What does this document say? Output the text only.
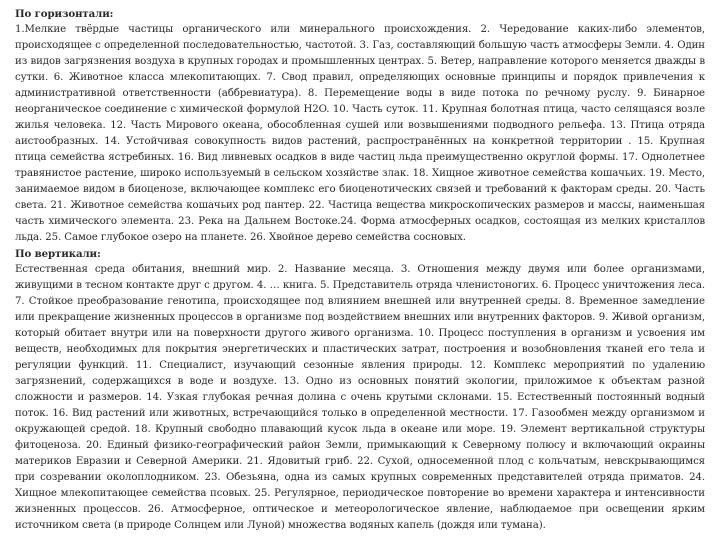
По горизонтали:

1.Мелкие твёрдые частицы органического или минерального происхождения. 2. Чередование каких-либо элементов, происходящее с определенной последовательностью, частотой. 3. Газ, составляющий большую часть атмосферы Земли. 4. Один из видов загрязнения воздуха в крупных городах и промышленных центрах. 5. Ветер, направление которого меняется дважды в сутки. 6. Животное класса млекопитающих. 7. Свод правил, определяющих основные принципы и порядок привлечения к административной ответственности (аббревиатура). 8. Перемещение воды в виде потока по речному руслу. 9. Бинарное неорганическое соединение с химической формулой H2O. 10. Часть суток. 11. Крупная болотная птица, часто селящаяся возле жилья человека. 12. Часть Мирового океана, обособленная сушей или возвышениями подводного рельефа. 13. Птица отряда аистообразных. 14. Устойчивая совокупность видов растений, распространённых на конкретной территории . 15. Крупная птица семейства ястребиных. 16. Вид ливневых осадков в виде частиц льда преимущественно округлой формы. 17. Однолетнее травянистое растение, широко используемый в сельском хозяйстве злак. 18. Хищное животное семейства кошачьих. 19. Место, занимаемое видом в биоценозе, включающее комплекс его биоценотических связей и требований к факторам среды. 20. Часть света. 21. Животное семейства кошачьих род пантер. 22. Частица вещества микроскопических размеров и массы, наименьшая часть химического элемента. 23. Река на Дальнем Востоке.24. Форма атмосферных осадков, состоящая из мелких кристаллов льда. 25. Самое глубокое озеро на планете. 26. Хвойное дерево семейства сосновых.

По вертикали:

Естественная среда обитания, внешний мир. 2. Название месяца. 3. Отношения между двумя или более организмами, живущими в тесном контакте друг с другом. 4. … книга. 5. Представитель отряда членистоногих. 6. Процесс уничтожения леса. 7. Стойкое преобразование генотипа, происходящее под влиянием внешней или внутренней среды. 8. Временное замедление или прекращение жизненных процессов в организме под воздействием внешних или внутренних факторов. 9. Живой организм, который обитает внутри или на поверхности другого живого организма. 10. Процесс поступления в организм и усвоения им веществ, необходимых для покрытия энергетических и пластических затрат, построения и возобновления тканей его тела и регуляции функций. 11. Специалист, изучающий сезонные явления природы. 12. Комплекс мероприятий по удалению загрязнений, содержащихся в воде и воздухе. 13. Одно из основных понятий экологии, приложимое к объектам разной сложности и размеров. 14. Узкая глубокая речная долина с очень крутыми склонами. 15. Естественный постоянный водный поток. 16. Вид растений или животных, встречающийся только в определенной местности. 17. Газообмен между организмом и окружающей средой. 18. Крупный свободно плавающий кусок льда в океане или море. 19. Элемент вертикальной структуры фитоценоза. 20. Единый физико-географический район Земли, примыкающий к Северному полюсу и включающий окраины материков Евразии и Северной Америки. 21. Ядовитый гриб. 22. Сухой, односеменной плод с кольчатым, невскрывающимся при созревании околоплодником. 23. Обезьяна, одна из самых крупных современных представителей отряда приматов. 24. Хищное млекопитающее семейства псовых. 25. Регулярное, периодическое повторение во времени характера и интенсивности жизненных процессов. 26. Атмосферное, оптическое и метеорологическое явление, наблюдаемое при освещении ярким источником света (в природе Солнцем или Луной) множества водяных капель (дождя или тумана).
